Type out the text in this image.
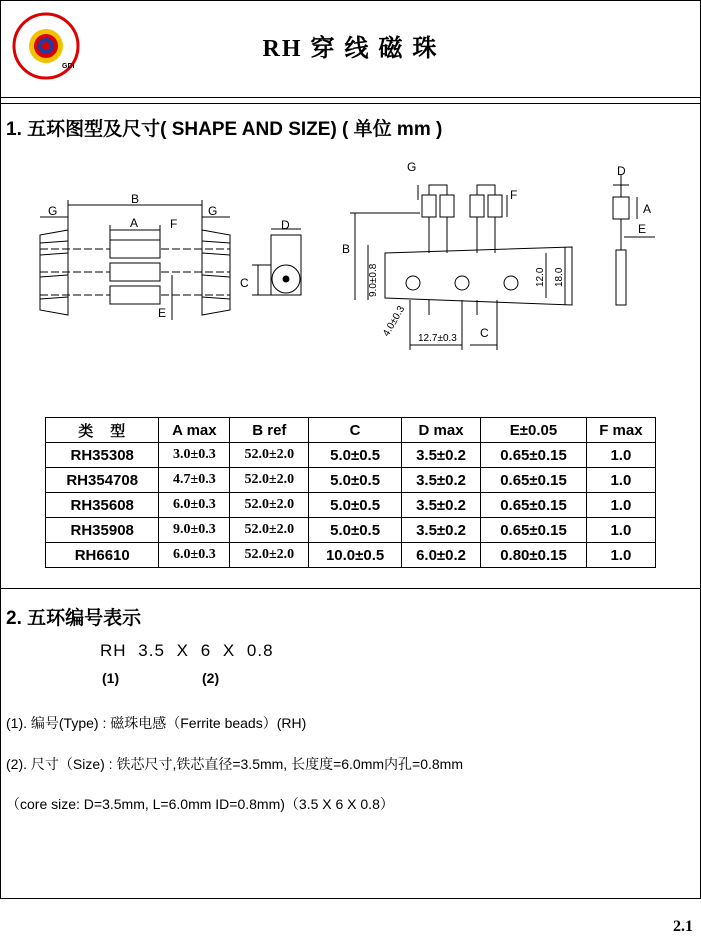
GDI
RH 穿 线 磁 珠
1. 五环图型及尺寸( SHAPE AND SIZE) ( 单位 mm )
B
G	G
A	F
E
D
C
B
G
F
C
D
A
E
12.7±0.3
9.0±0.8	12.0 18.0
4.0±0.3
类　型	A max	B ref	C	D max	E±0.05	F max
RH35308	3.0±0.3	52.0±2.0	5.0±0.5	3.5±0.2	0.65±0.15	1.0
RH354708	4.7±0.3	52.0±2.0	5.0±0.5	3.5±0.2	0.65±0.15	1.0
RH35608	6.0±0.3	52.0±2.0	5.0±0.5	3.5±0.2	0.65±0.15	1.0
RH35908	9.0±0.3	52.0±2.0	5.0±0.5	3.5±0.2	0.65±0.15	1.0
RH6610	6.0±0.3	52.0±2.0	10.0±0.5	6.0±0.2	0.80±0.15	1.0
2. 五环编号表示
RH 3.5 X 6 X 0.8
(1)	(2)
(1). 编号(Type) : 磁珠电感（Ferrite beads）(RH)
(2). 尺寸（Size) : 铁芯尺寸,铁芯直径=3.5mm, 长度度=6.0mm内孔=0.8mm
（core size: D=3.5mm, L=6.0mm ID=0.8mm)（3.5 X 6 X 0.8）
2.1
